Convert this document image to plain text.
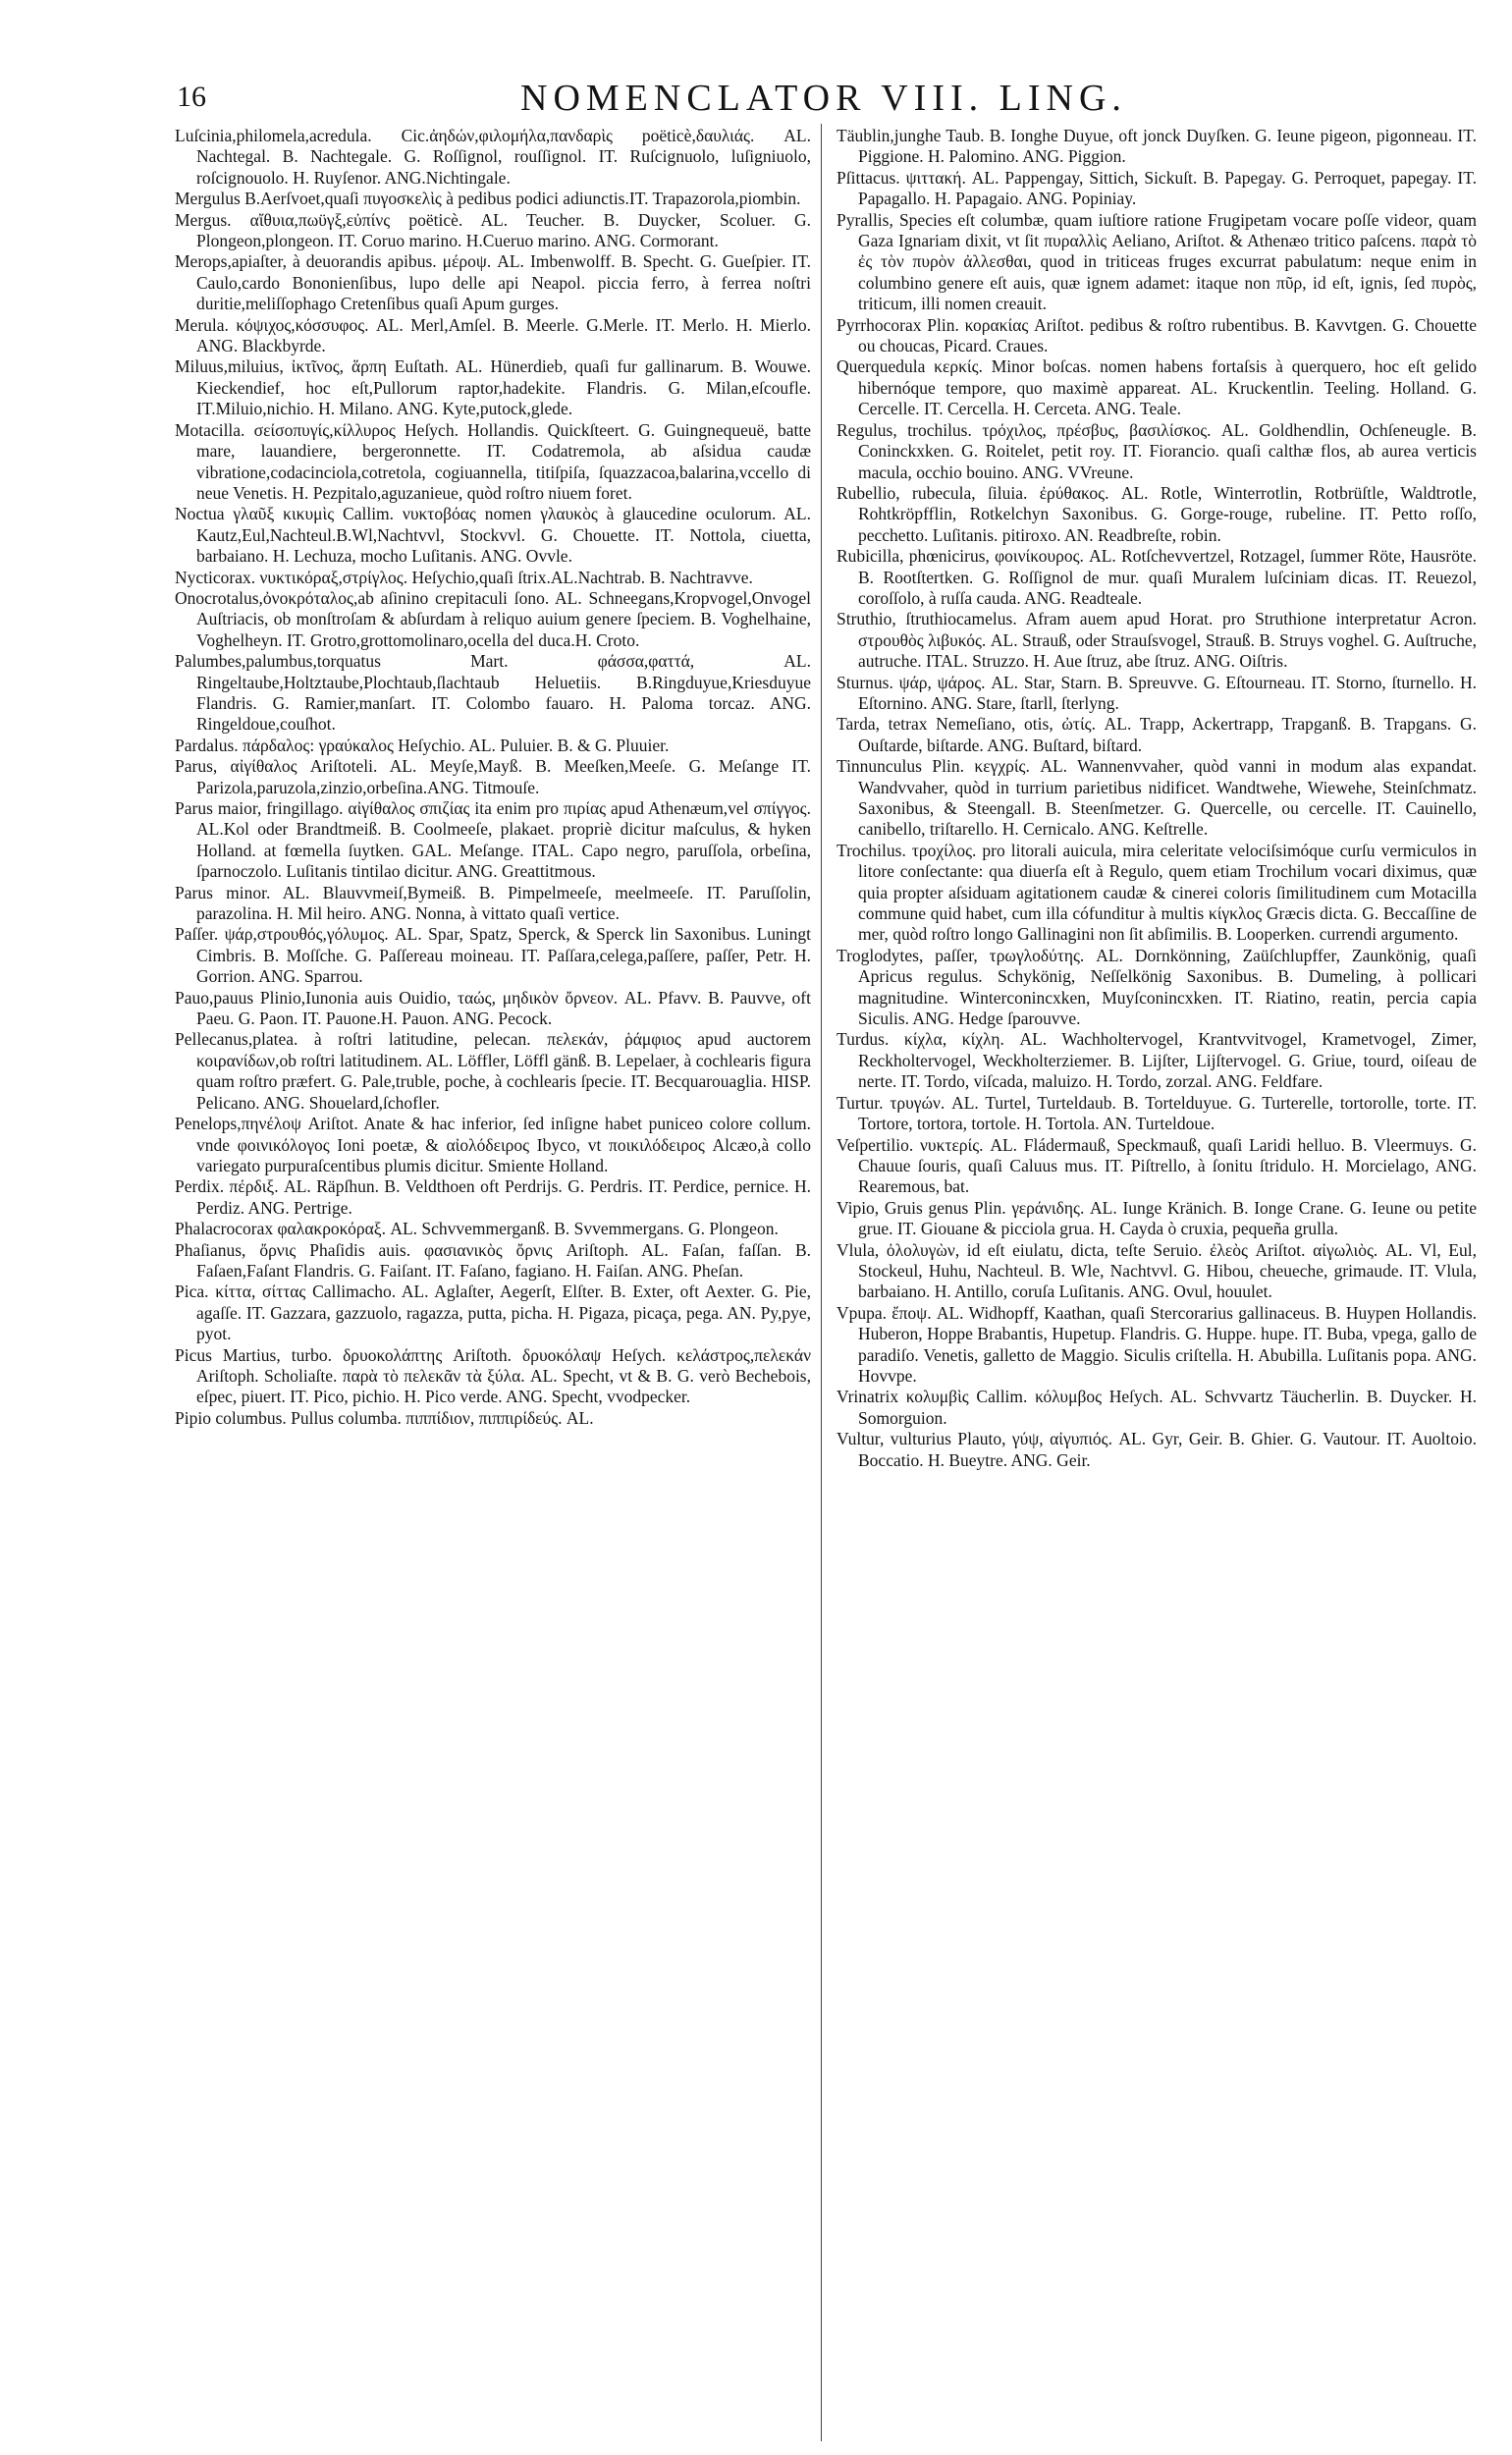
16	NOMENCLATOR VIII. LING.

Luſcinia,philomela,acredula. Cic.ἀηδών,φιλομήλα,πανδαρὶς poëticè,δαυλιάς. AL. Nachtegal. B. Nachtegale. G. Roſſignol, rouſſignol. IT. Ruſcignuolo, luſigniuolo, roſcignouolo. H. Ruyſenor. ANG.Nichtingale.

Mergulus B.Aerſvoet,quaſi πυγοσκελὶς à pedibus podici adiunctis.IT. Trapazorola,piombin.

Mergus. αἴθυια,πωϋγξ,εὐπίνς poëticè. AL. Teucher. B. Duycker, Scoluer. G. Plongeon,plongeon. IT. Coruo marino. H.Cueruo marino. ANG. Cormorant.

Merops,apiaſter, à deuorandis apibus. μέροψ. AL. Imbenwolff. B. Specht. G. Gueſpier. IT. Caulo,cardo Bononienſibus, lupo delle api Neapol. piccia ferro, à ferrea noſtri duritie,meliſſophago Cretenſibus quaſi Apum gurges.

Merula. κόψιχος,κόσσυφος. AL. Merl,Amſel. B. Meerle. G.Merle. IT. Merlo. H. Mierlo. ANG. Blackbyrde.

Miluus,miluius, ἰκτῖνος, ἅρπη Euſtath. AL. Hünerdieb, quaſi fur gallinarum. B. Wouwe. Kieckendief, hoc eſt,Pullorum raptor,hadekite. Flandris. G. Milan,eſcoufle. IT.Miluio,nichio. H. Milano. ANG. Kyte,putock,glede.

Motacilla. σείσοπυγίς,κίλλυρος Heſych. Hollandis. Quickſteert. G. Guingnequeuë, batte mare, lauandiere, bergeronnette. IT. Codatremola, ab aſsidua caudæ vibratione,codacinciola,cotretola, cogiuannella, titiſpiſa, ſquazzacoa,balarina,vccello di neue Venetis. H. Pezpitalo,aguzanieue, quòd roſtro niuem foret.

Noctua γλαῦξ κικυμὶς Callim. νυκτοβόας nomen γλαυκὸς à glaucedine oculorum. AL. Kautz,Eul,Nachteul.B.Wl,Nachtvvl, Stockvvl. G. Chouette. IT. Nottola, ciuetta, barbaiano. H. Lechuza, mocho Luſitanis. ANG. Ovvle.

Nycticorax. νυκτικόραξ,στρίγλος. Heſychio,quaſi ſtrix.AL.Nachtrab. B. Nachtravve.

Onocrotalus,ὀνοκρόταλος,ab aſinino crepitaculi ſono. AL. Schneegans,Kropvogel,Onvogel Auſtriacis, ob monſtroſam & abſurdam à reliquo auium genere ſpeciem. B. Voghelhaine, Voghelheyn. IT. Grotro,grottomolinaro,ocella del duca.H. Croto.

Palumbes,palumbus,torquatus Mart. φάσσα,φαττά, AL. Ringeltaube,Holtztaube,Plochtaub,ſlachtaub Heluetiis. B.Ringduyue,Kriesduyue Flandris. G. Ramier,manſart. IT. Colombo fauaro. H. Paloma torcaz. ANG. Ringeldoue,couſhot.

Pardalus. πάρδαλος: γραύκαλος Heſychio. AL. Puluier. B. & G. Pluuier.

Parus, αἰγίθαλος Ariſtoteli. AL. Meyſe,Mayß. B. Meeſken,Meeſe. G. Meſange IT. Parizola,paruzola,zinzio,orbeſina.ANG. Titmouſe.

Parus maior, fringillago. αἰγίθαλος σπιζίας ita enim pro πιρίας apud Athenæum,vel σπίγγος. AL.Kol oder Brandtmeiß. B. Coolmeeſe, plakaet. propriè dicitur maſculus, & hyken Holland. at fœmella ſuytken. GAL. Meſange. ITAL. Capo negro, paruſſola, orbeſina, ſparnoczolo. Luſitanis tintilao dicitur. ANG. Greattitmous.

Parus minor. AL. Blauvvmeiſ,Bymeiß. B. Pimpelmeeſe, meelmeeſe. IT. Paruſſolin, parazolina. H. Mil heiro. ANG. Nonna, à vittato quaſi vertice.

Paſſer. ψάρ,στρουθός,γόλυμος. AL. Spar, Spatz, Sperck, & Sperck lin Saxonibus. Luningt Cimbris. B. Moſſche. G. Paſſereau moineau. IT. Paſſara,celega,paſſere, paſſer, Petr. H. Gorrion. ANG. Sparrou.

Pauo,pauus Plinio,Iunonia auis Ouidio, ταώς, μηδικὸν ὄρνεον. AL. Pfavv. B. Pauvve, oft Paeu. G. Paon. IT. Pauone.H. Pauon. ANG. Pecock.

Pellecanus,platea. à roſtri latitudine, pelecan. πελεκάν, ῥάμφιος apud auctorem κοιρανίδων,ob roſtri latitudinem. AL. Löffler, Löffl gänß. B. Lepelaer, à cochlearis figura quam roſtro præfert. G. Pale,truble, poche, à cochlearis ſpecie. IT. Becquarouaglia. HISP. Pelicano. ANG. Shouelard,ſchofler.

Penelops,πηνέλοψ Ariſtot. Anate & hac inferior, ſed inſigne habet puniceo colore collum. vnde φοινικόλογος Ioni poetæ, & αἰολόδειρος Ibyco, vt ποικιλόδειρος Alcæo,à collo variegato purpuraſcentibus plumis dicitur. Smiente Holland.

Perdix. πέρδιξ. AL. Räpſhun. B. Veldthoen oft Perdrijs. G. Perdris. IT. Perdice, pernice. H. Perdiz. ANG. Pertrige.

Phalacrocorax φαλακροκόραξ. AL. Schvvemmerganß. B. Svvemmergans. G. Plongeon.

Phaſianus, ὄρνις Phaſidis auis. φασιανικὸς ὄρνις Ariſtoph. AL. Faſan, faſſan. B. Faſaen,Faſant Flandris. G. Faiſant. IT. Faſano, fagiano. H. Faiſan. ANG. Pheſan.

Pica. κίττα, σίττας Callimacho. AL. Aglaſter, Aegerſt, Elſter. B. Exter, oft Aexter. G. Pie, agaſſe. IT. Gazzara, gazzuolo, ragazza, putta, picha. H. Pigaza, picaça, pega. AN. Py,pye, pyot.

Picus Martius, turbo. δρυοκολάπτης Ariſtoth. δρυοκόλαψ Heſych. κελάστρος,πελεκάν Ariſtoph. Scholiaſte. παρὰ τὸ πελεκᾶν τὰ ξύλα. AL. Specht, vt & B. G. verò Bechebois, eſpec, piuert. IT. Pico, pichio. H. Pico verde. ANG. Specht, vvodpecker.

Pipio columbus. Pullus columba. πιππίδιον, πιππιρίδεύς. AL.

Täublin,junghe Taub. B. Ionghe Duyue, oft jonck Duyſken. G. Ieune pigeon, pigonneau. IT. Piggione. H. Palomino. ANG. Piggion.

Pſittacus. ψιττακή. AL. Pappengay, Sittich, Sickuſt. B. Papegay. G. Perroquet, papegay. IT. Papagallo. H. Papagaio. ANG. Popiniay.

Pyrallis, Species eſt columbæ, quam iuſtiore ratione Frugipetam vocare poſſe videor, quam Gaza Ignariam dixit, vt ſit πυραλλὶς Aeliano, Ariſtot. & Athenæo tritico paſcens. παρὰ τὸ ἐς τὸν πυρὸν ἀλλεσθαι, quod in triticeas fruges excurrat pabulatum: neque enim in columbino genere eſt auis, quæ ignem adamet: itaque non πῦρ, id eſt, ignis, ſed πυρὸς, triticum, illi nomen creauit.

Pyrrhocorax Plin. κορακίας Ariſtot. pedibus & roſtro rubentibus. B. Kavvtgen. G. Chouette ou choucas, Picard. Craues.

Querquedula κερκίς. Minor boſcas. nomen habens fortaſsis à querquero, hoc eſt gelido hibernóque tempore, quo maximè appareat. AL. Kruckentlin. Teeling. Holland. G. Cercelle. IT. Cercella. H. Cerceta. ANG. Teale.

Regulus, trochilus. τρόχιλος, πρέσβυς, βασιλίσκος. AL. Goldhendlin, Ochſeneugle. B. Coninckxken. G. Roitelet, petit roy. IT. Fiorancio. quaſi calthæ flos, ab aurea verticis macula, occhio bouino. ANG. VVreune.

Rubellio, rubecula, ſiluia. ἐρύθακος. AL. Rotle, Winterrotlin, Rotbrüſtle, Waldtrotle, Rohtkröpfflin, Rotkelchyn Saxonibus. G. Gorge-rouge, rubeline. IT. Petto roſſo, pecchetto. Luſitanis. pitiroxo. AN. Readbreſte, robin.

Rubicilla, phœnicirus, φοινίκουρος. AL. Rotſchevvertzel, Rotzagel, ſummer Röte, Hausröte. B. Rootſtertken. G. Roſſignol de mur. quaſi Muralem luſciniam dicas. IT. Reuezol, coroſſolo, à ruſſa cauda. ANG. Readteale.

Struthio, ſtruthiocamelus. Afram auem apud Horat. pro Struthione interpretatur Acron. στρουθὸς λιβυκός. AL. Strauß, oder Strauſsvogel, Strauß. B. Struys voghel. G. Auſtruche, autruche. ITAL. Struzzo. H. Aue ſtruz, abe ſtruz. ANG. Oiſtris.

Sturnus. ψάρ, ψάρος. AL. Star, Starn. B. Spreuvve. G. Eſtourneau. IT. Storno, ſturnello. H. Eſtornino. ANG. Stare, ſtarll, ſterlyng.

Tarda, tetrax Nemeſiano, otis, ὠτίς. AL. Trapp, Ackertrapp, Trapganß. B. Trapgans. G. Ouſtarde, biſtarde. ANG. Buſtard, biſtard.

Tinnunculus Plin. κεγχρίς. AL. Wannenvvaher, quòd vanni in modum alas expandat. Wandvvaher, quòd in turrium parietibus nidificet. Wandtwehe, Wiewehe, Steinſchmatz. Saxonibus, & Steengall. B. Steenſmetzer. G. Quercelle, ou cercelle. IT. Cauinello, canibello, triſtarello. H. Cernicalo. ANG. Keſtrelle.

Trochilus. τροχίλος. pro litorali auicula, mira celeritate velociſsimóque curſu vermiculos in litore conſectante: qua diuerſa eſt à Regulo, quem etiam Trochilum vocari diximus, quæ quia propter aſsiduam agitationem caudæ & cinerei coloris ſimilitudinem cum Motacilla commune quid habet, cum illa cófunditur à multis κίγκλος Græcis dicta. G. Beccaſſine de mer, quòd roſtro longo Gallinagini non ſit abſimilis. B. Looperken. currendi argumento.

Troglodytes, paſſer, τρωγλοδύτης. AL. Dornkönning, Zaüſchlupffer, Zaunkönig, quaſi Apricus regulus. Schykönig, Neſſelkönig Saxonibus. B. Dumeling, à pollicari magnitudine. Winterconincxken, Muyſconincxken. IT. Riatino, reatin, percia capia Siculis. ANG. Hedge ſparouvve.

Turdus. κίχλα, κίχλη. AL. Wachholtervogel, Krantvvitvogel, Krametvogel, Zimer, Reckholtervogel, Weckholterziemer. B. Lijſter, Lijſtervogel. G. Griue, tourd, oiſeau de nerte. IT. Tordo, viſcada, maluizo. H. Tordo, zorzal. ANG. Feldfare.

Turtur. τρυγών. AL. Turtel, Turteldaub. B. Tortelduyue. G. Turterelle, tortorolle, torte. IT. Tortore, tortora, tortole. H. Tortola. AN. Turteldoue.

Veſpertilio. νυκτερίς. AL. Fládermauß, Speckmauß, quaſi Laridi helluo. B. Vleermuys. G. Chauue ſouris, quaſi Caluus mus. IT. Piſtrello, à ſonitu ſtridulo. H. Morcielago, ANG. Rearemous, bat.

Vipio, Gruis genus Plin. γεράνιδης. AL. Iunge Kränich. B. Ionge Crane. G. Ieune ou petite grue. IT. Giouane & picciola grua. H. Cayda ò cruxia, pequeña grulla.

Vlula, ὀλολυγὼν, id eſt eiulatu, dicta, teſte Seruio. ἐλεὸς Ariſtot. αἰγωλιὸς. AL. Vl, Eul, Stockeul, Huhu, Nachteul. B. Wle, Nachtvvl. G. Hibou, cheueche, grimaude. IT. Vlula, barbaiano. H. Antillo, coruſa Luſitanis. ANG. Ovul, houulet.

Vpupa. ἔποψ. AL. Widhopff, Kaathan, quaſi Stercorarius gallinaceus. B. Huypen Hollandis. Huberon, Hoppe Brabantis, Hupetup. Flandris. G. Huppe. hupe. IT. Buba, vpega, gallo de paradiſo. Venetis, galletto de Maggio. Siculis criſtella. H. Abubilla. Luſitanis popa. ANG. Hovvpe.

Vrinatrix κολυμβὶς Callim. κόλυμβος Heſych. AL. Schvvartz Täucherlin. B. Duycker. H. Somorguion.

Vultur, vulturius Plauto, γύψ, αἰγυπιός. AL. Gyr, Geir. B. Ghier. G. Vautour. IT. Auoltoio. Boccatio. H. Bueytre. ANG. Geir.
